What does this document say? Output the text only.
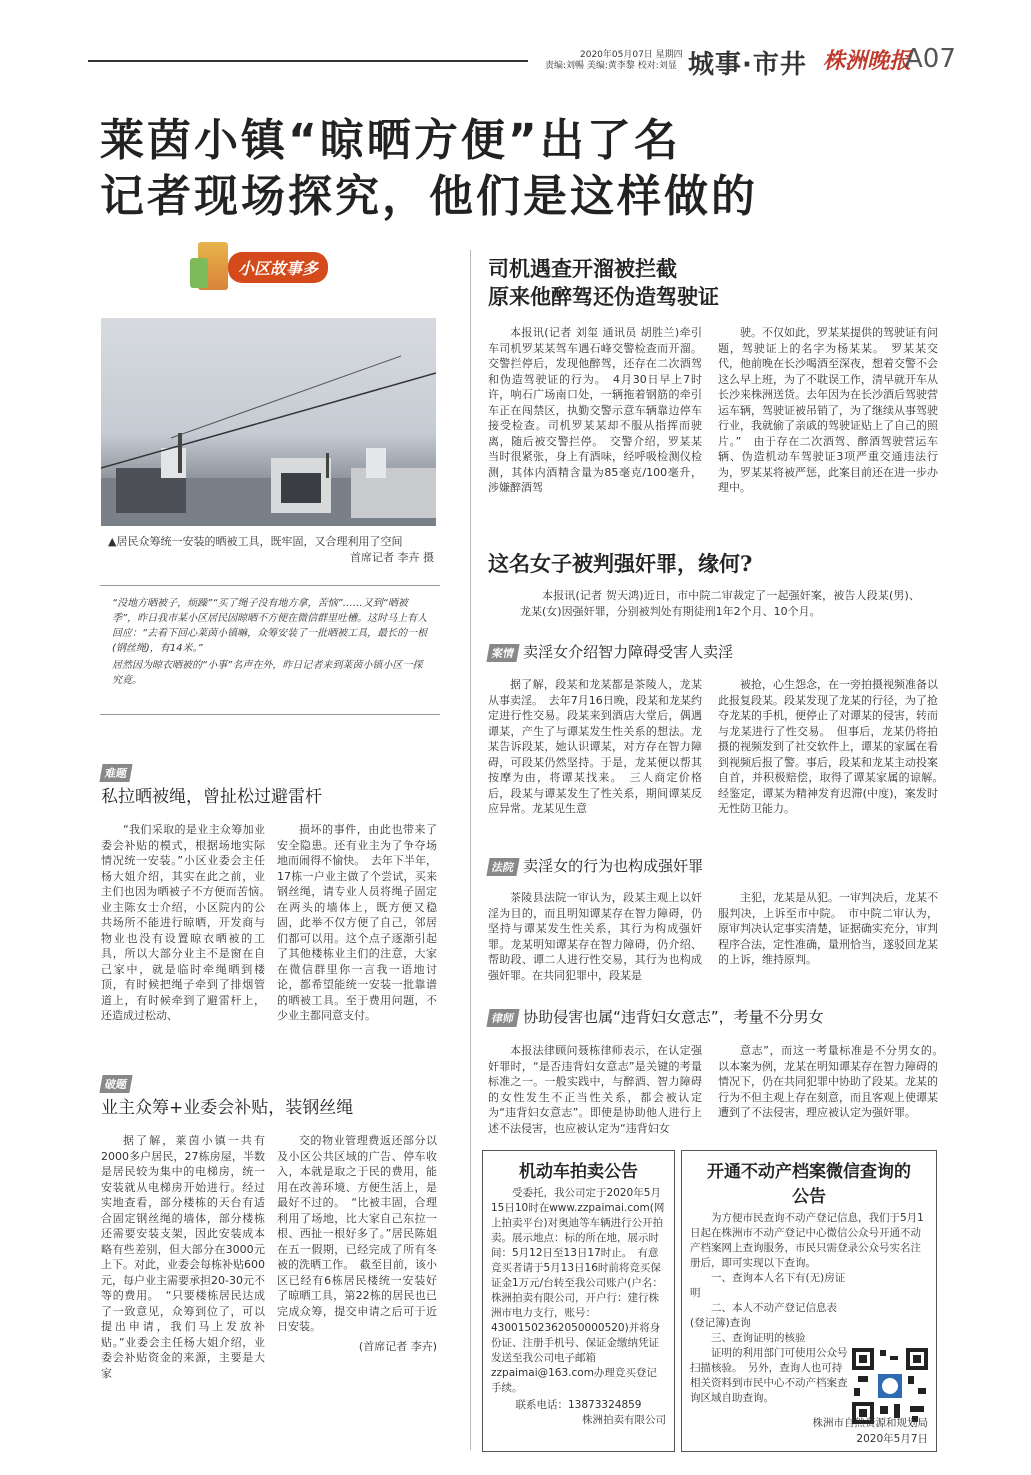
2020年05月07日 星期四
责编:刘暢 美编:黄李黎 校对:刘显 城事·市井 株洲晚报
A07
莱茵小镇“晾晒方便”出了名
记者现场探究，他们是这样做的
小区故事多
▲居民众筹统一安装的晒被工具，既牢固，又合理利用了空间
首席记者 李卉 摄

“没地方晒被子，烦躁”“买了绳子没有地方拿，苦恼”……又到“晒被季”，昨日我市某小区居民因晾晒不方便在微信群里吐槽。这时马上有人回应：“去看下回心莱茵小镇嘛，众筹安装了一批晒被工具，最长的一根(钢丝绳)，有14米。”

居然因为晾衣晒被的“小事”名声在外，昨日记者来到莱茵小镇小区一探究竟。

难题
私拉晒被绳，曾扯松过避雷杆

“我们采取的是业主众筹加业委会补贴的模式，根据场地实际情况统一安装。”小区业委会主任杨大姐介绍，其实在此之前，业主们也因为晒被子不方便而苦恼。　业主陈女士介绍，小区院内的公共场所不能进行晾晒，开发商与物业也没有设置晾衣晒被的工具，所以大部分业主不是窗在自己家中，就是临时牵绳晒到楼顶，有时候把绳子牵到了排烟管道上，有时候牵到了避雷杆上，还造成过松动、

损坏的事件，由此也带来了安全隐患。还有业主为了争夺场地而闹得不愉快。　去年下半年，17栋一户业主做了个尝试，买来钢丝绳，请专业人员将绳子固定在两头的墙体上，既方便又稳固，此举不仅方便了自己，邻居们都可以用。这个点子逐渐引起了其他楼栋业主们的注意，大家在微信群里你一言我一语地讨论，都希望能统一安装一批靠谱的晒被工具。至于费用问题，不少业主都同意支付。

破题
业主众筹+业委会补贴，装钢丝绳

据了解，莱茵小镇一共有2000多户居民，27栋房屋，半数是居民较为集中的电梯房，统一安装就从电梯房开始进行。经过实地查看，部分楼栋的天台有适合固定钢丝绳的墙体，部分楼栋还需要安装支架，因此安装成本略有些差别，但大部分在3000元上下。对此，业委会每栋补贴600元，每户业主需要承担20-30元不等的费用。　“只要楼栋居民达成了一致意见，众筹到位了，可以提出申请，我们马上发放补贴。”业委会主任杨大姐介绍，业委会补贴资金的来源，主要是大家

交的物业管理费返还部分以及小区公共区域的广告、停车收入，本就是取之于民的费用，能用在改善环境、方便生活上，是最好不过的。　“比被丰固，合理利用了场地，比大家自己东拉一根、西扯一根好多了。”居民陈姐在五一假期，已经完成了所有冬被的洗晒工作。　截至目前，该小区已经有6栋居民楼统一安装好了晾晒工具，第22栋的居民也已完成众筹，提交申请之后可于近日安装。

(首席记者 李卉)
司机遇查开溜被拦截
原来他醉驾还伪造驾驶证

本报讯(记者 刘玺 通讯员 胡胜兰)牵引车司机罗某某驾车遇石峰交警检查而开溜。交警拦停后，发现他醉驾，还存在二次酒驾和伪造驾驶证的行为。　4月30日早上7时许，响石广场南口处，一辆拖着钢筋的牵引车正在闯禁区，执勤交警示意车辆靠边停车接受检查。司机罗某某却不服从指挥而驶离，随后被交警拦停。　交警介绍，罗某某当时很紧张，身上有酒味，经呼吸检测仪检测，其体内酒精含量为85毫克/100毫升，涉嫌醉酒驾

驶。不仅如此，罗某某提供的驾驶证有问题，驾驶证上的名字为杨某某。　罗某某交代，他前晚在长沙喝酒至深夜，想着交警不会这么早上班，为了不耽误工作，清早就开车从长沙来株洲送货。去年因为在长沙酒后驾驶营运车辆，驾驶证被吊销了，为了继续从事驾驶行业，我就偷了亲戚的驾驶证贴上了自己的照片。”　由于存在二次酒驾、醉酒驾驶营运车辆、伪造机动车驾驶证3项严重交通违法行为，罗某某将被严惩，此案目前还在进一步办理中。

这名女子被判强奸罪，缘何?

本报讯(记者 贺天鸿)近日，市中院二审裁定了一起强奸案，被告人段某(男)、龙某(女)因强奸罪，分别被判处有期徒刑1年2个月、10个月。

案情 卖淫女介绍智力障碍受害人卖淫

据了解，段某和龙某都是茶陵人，龙某从事卖淫。　去年7月16日晚，段某和龙某约定进行性交易。段某来到酒店大堂后，偶遇谭某，产生了与谭某发生性关系的想法。龙某告诉段某，她认识谭某，对方存在智力障碍，可段某仍然坚持。于是，龙某便以帮其按摩为由，将谭某找来。　三人商定价格后，段某与谭某发生了性关系，期间谭某反应异常。龙某见生意

被抢，心生怨念，在一旁拍摄视频准备以此报复段某。段某发现了龙某的行径，为了抢夺龙某的手机，便停止了对谭某的侵害，转而与龙某进行了性交易。　但事后，龙某仍将拍摄的视频发到了社交软件上，谭某的家属在看到视频后报了警。事后，段某和龙某主动投案自首，并积极赔偿，取得了谭某家属的谅解。　经鉴定，谭某为精神发育迟滞(中度)，案发时无性防卫能力。

法院 卖淫女的行为也构成强奸罪

茶陵县法院一审认为，段某主观上以奸淫为目的，而且明知谭某存在智力障碍，仍坚持与谭某发生性关系，其行为构成强奸罪。龙某明知谭某存在智力障碍，仍介绍、帮助段、谭二人进行性交易，其行为也构成强奸罪。在共同犯罪中，段某是

主犯，龙某是从犯。一审判决后，龙某不服判决，上诉至市中院。　市中院二审认为，原审判决认定事实清楚，证据确实充分，审判程序合法，定性准确，量刑恰当，遂驳回龙某的上诉，维持原判。

律师 协助侵害也属“违背妇女意志”，考量不分男女

本报法律顾问聂栋律师表示，在认定强奸罪时，“是否违背妇女意志”是关键的考量标准之一。一般实践中，与醉酒、智力障碍的女性发生不正当性关系，都会被认定为“违背妇女意志”。即使是协助他人进行上述不法侵害，也应被认定为“违背妇女

意志”，而这一考量标准是不分男女的。　以本案为例，龙某在明知谭某存在智力障碍的情况下，仍在共同犯罪中协助了段某。龙某的行为不但主观上存在刻意，而且客观上使谭某遭到了不法侵害，理应被认定为强奸罪。

机动车拍卖公告

受委托，我公司定于2020年5月15日10时在www.zzpaimai.com(网上拍卖平台)对奥迪等车辆进行公开拍卖。展示地点：标的所在地，展示时间：5月12日至13日17时止。　有意竞买者请于5月13日16时前将竞买保证金1万元/台转至我公司账户(户名：株洲拍卖有限公司，开户行：建行株洲市电力支行，账号：43001502362050000520)并将身份证、注册手机号、保证金缴纳凭证发送至我公司电子邮箱zzpaimai@163.com办理竞买登记手续。

联系电话：13873324859

株洲拍卖有限公司

开通不动产档案微信查询的
公告

为方便市民查询不动产登记信息，我们于5月1日起在株洲市不动产登记中心微信公众号开通不动产档案网上查询服务，市民只需登录公众号实名注册后，即可实现以下查询。

一、查询本人名下有(无)房证明

二、本人不动产登记信息表(登记簿)查询

三、查询证明的核验

证明的利用部门可使用公众号扫描核验。　另外，查询人也可持相关资料到市民中心不动产档案查询区域自助查询。

株洲市自然资源和规划局

2020年5月7日
